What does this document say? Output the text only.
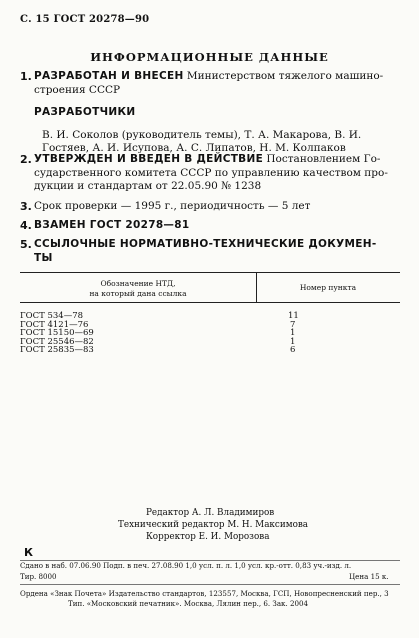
С. 15 ГОСТ 20278—90
ИНФОРМАЦИОННЫЕ ДАННЫЕ
1. РАЗРАБОТАН И ВНЕСЕН Министерством тяжелого машино-
строения СССР
РАЗРАБОТЧИКИ
В. И. Соколов (руководитель темы), Т. А. Макарова, В. И.
Гостяев, А. И. Исупова, А. С. Липатов, Н. М. Колпаков
2. УТВЕРЖДЕН И ВВЕДЕН В ДЕЙСТВИЕ Постановлением Го-
сударственного комитета СССР по управлению качеством про-
дукции и стандартам от 22.05.90 № 1238
3. Срок проверки — 1995 г., периодичность — 5 лет
4. ВЗАМЕН ГОСТ 20278—81
5. ССЫЛОЧНЫЕ НОРМАТИВНО-ТЕХНИЧЕСКИЕ ДОКУМЕН-
ТЫ
Обозначение НТД,
на который дана ссылка
Номер пункта
ГОСТ 534—78	11
ГОСТ 4121—76	7
ГОСТ 15150—69	1
ГОСТ 25546—82	1
ГОСТ 25835—83	6
Редактор А. Л. Владимиров
Технический редактор М. Н. Максимова
Корректор Е. И. Морозова
К
Сдано в наб. 07.06.90 Подп. в печ. 27.08.90 1,0 усл. п. л. 1,0 усл. кр.-отт. 0,83 уч.-изд. л.
Тир. 8000	Цена 15 к.
Ордена «Знак Почета» Издательство стандартов, 123557, Москва, ГСП, Новопресненский пер., 3
Тип. «Московский печатник». Москва, Лялин пер., 6. Зак. 2004
